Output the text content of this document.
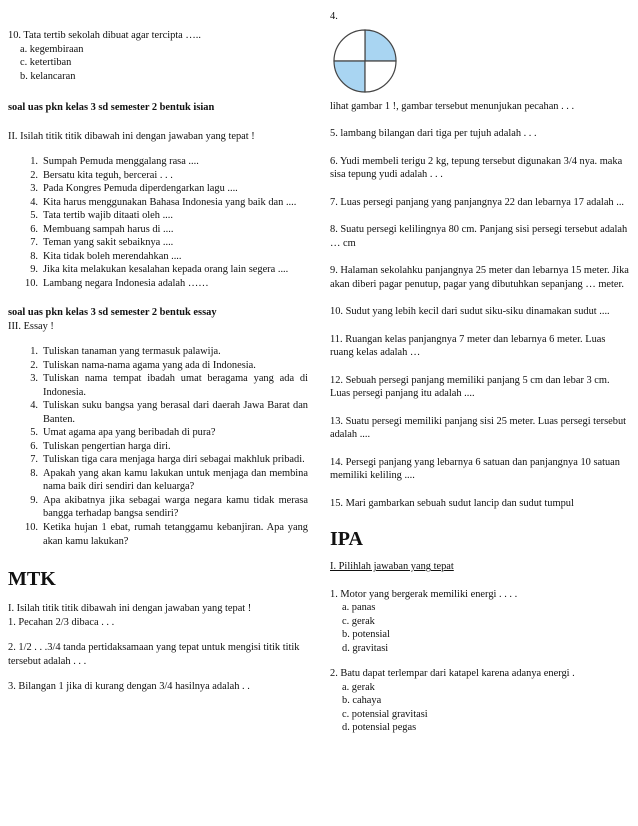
10. Tata tertib sekolah dibuat agar tercipta …..

a. kegembiraan

c. ketertiban

b. kelancaran

soal uas pkn kelas 3 sd semester 2 bentuk isian

II. Isilah titik titik dibawah ini dengan jawaban yang tepat !

1. Sumpah Pemuda menggalang rasa ....
2. Bersatu kita teguh, bercerai . . .
3. Pada Kongres Pemuda diperdengarkan lagu ....
4. Kita harus menggunakan Bahasa Indonesia yang baik dan ....
5. Tata tertib wajib ditaati oleh ....
6. Membuang sampah harus di ....
7. Teman yang sakit sebaiknya ....
8. Kita tidak boleh merendahkan ....
9. Jika kita melakukan kesalahan kepada orang lain segera ....
10. Lambang negara Indonesia adalah ……

soal uas pkn kelas 3 sd semester 2 bentuk essay

III. Essay !

1. Tuliskan tanaman yang termasuk palawija.
2. Tuliskan nama-nama agama yang ada di Indonesia.
3. Tuliskan nama tempat ibadah umat beragama yang ada di Indonesia.
4. Tuliskan suku bangsa yang berasal dari daerah Jawa Barat dan Banten.
5. Umat agama apa yang beribadah di pura?
6. Tuliskan pengertian harga diri.
7. Tuliskan tiga cara menjaga harga diri sebagai makhluk pribadi.
8. Apakah yang akan kamu lakukan untuk menjaga dan membina nama baik diri sendiri dan keluarga?
9. Apa akibatnya jika sebagai warga negara kamu tidak merasa bangga terhadap bangsa sendiri?
10. Ketika hujan 1 ebat, rumah tetanggamu kebanjiran. Apa yang akan kamu lakukan?

MTK

I. Isilah titik titik dibawah ini dengan jawaban yang tepat !

1. Pecahan 2/3 dibaca . . .

2. 1/2 . . .3/4 tanda pertidaksamaan yang tepat untuk mengisi titik titik tersebut adalah . . .

3. Bilangan 1 jika di kurang dengan 3/4 hasilnya adalah . .

4.

lihat gambar 1 !, gambar tersebut menunjukan pecahan . . .

5. lambang bilangan dari tiga per tujuh adalah . . .

6. Yudi membeli terigu 2 kg, tepung tersebut digunakan 3/4 nya. maka sisa tepung yudi adalah . . .

7. Luas persegi panjang yang panjangnya 22 dan lebarnya 17 adalah ...

8. Suatu persegi kelilingnya 80 cm. Panjang sisi persegi tersebut adalah … cm

9. Halaman sekolahku panjangnya 25 meter dan lebarnya 15 meter. Jika akan diberi pagar penutup, pagar yang dibutuhkan sepanjang … meter.

10. Sudut yang lebih kecil dari sudut siku-siku dinamakan sudut ....

11. Ruangan kelas panjangnya 7 meter dan lebarnya 6 meter. Luas ruang kelas adalah …

12. Sebuah persegi panjang memiliki panjang 5 cm dan lebar 3 cm. Luas persegi panjang itu adalah ....

13. Suatu persegi memiliki panjang sisi 25 meter. Luas persegi tersebut adalah ....

14. Persegi panjang yang lebarnya 6 satuan dan panjangnya 10 satuan memiliki keliling ....

15. Mari gambarkan sebuah sudut lancip dan sudut tumpul

IPA

I. Pilihlah jawaban yang tepat

1. Motor yang bergerak memiliki energi . . . .

a. panas

c. gerak

b. potensial

d. gravitasi

2. Batu dapat terlempar dari katapel karena adanya energi .

a. gerak

b. cahaya

c. potensial gravitasi

d. potensial pegas
